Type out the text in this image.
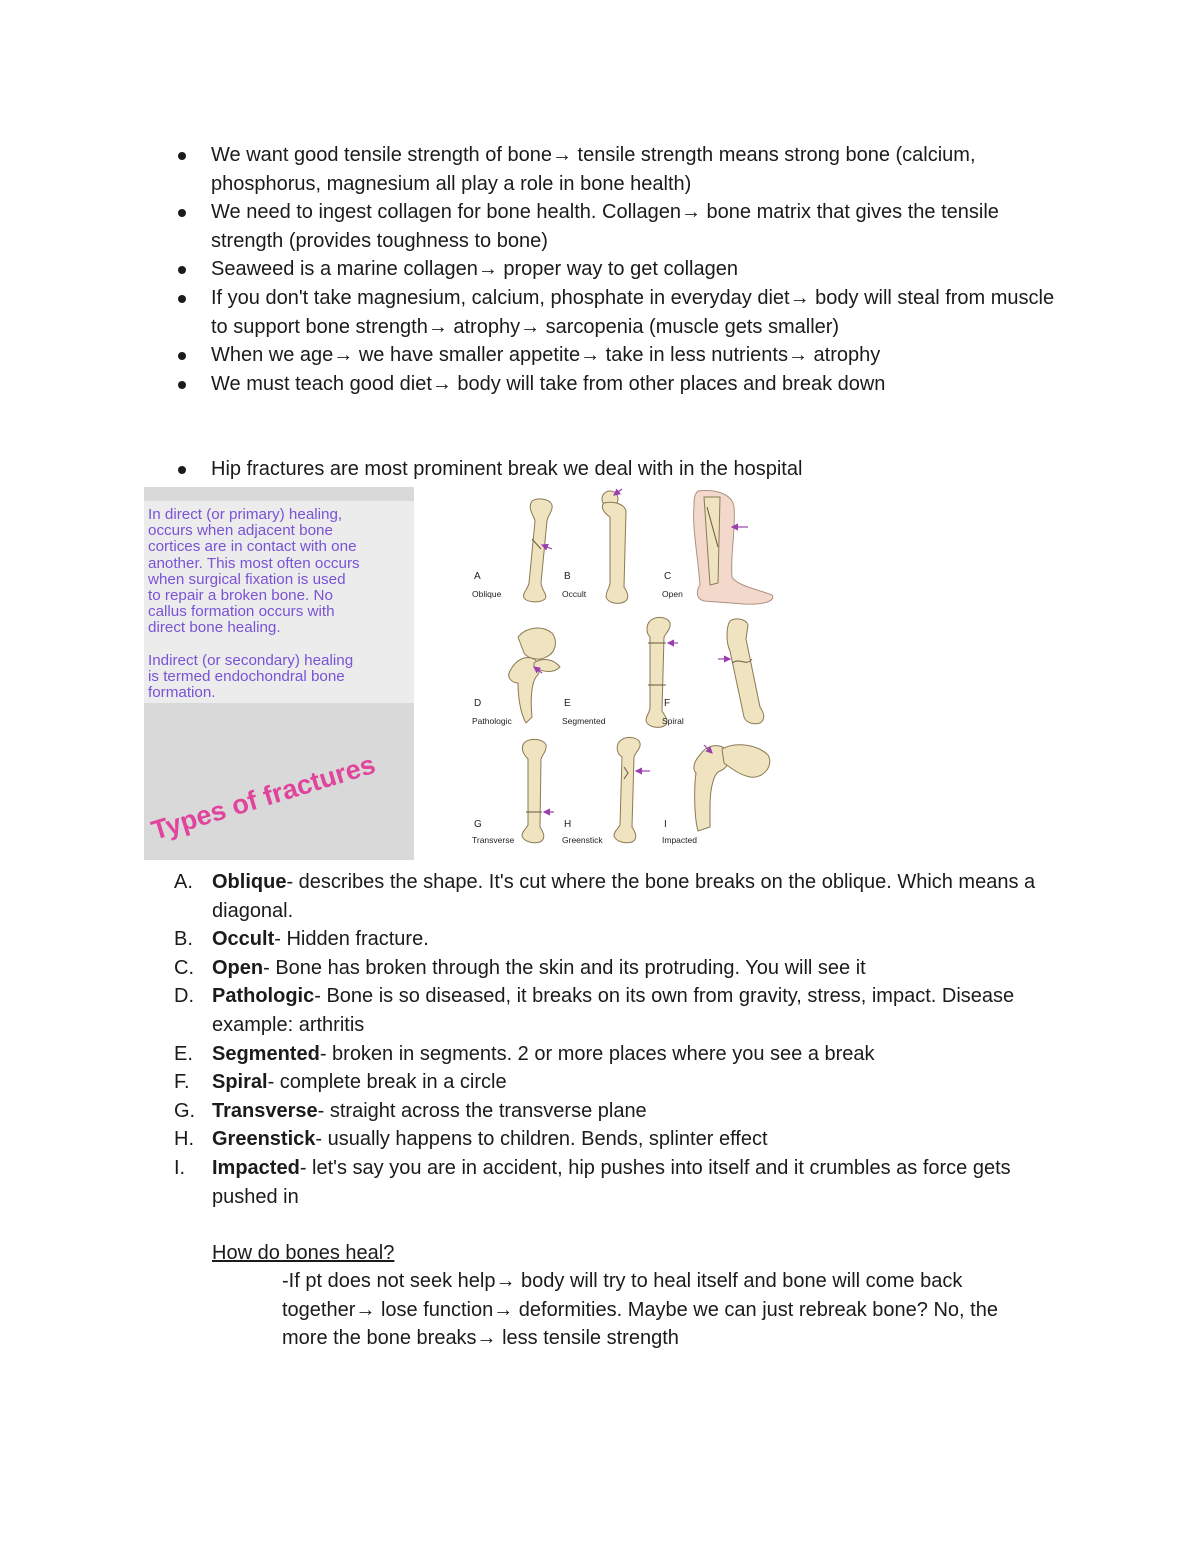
We want good tensile strength of bone→ tensile strength means strong bone (calcium, phosphorus, magnesium all play a role in bone health)
We need to ingest collagen for bone health. Collagen→ bone matrix that gives the tensile strength (provides toughness to bone)
Seaweed is a marine collagen→ proper way to get collagen
If you don't take magnesium, calcium, phosphate in everyday diet→ body will steal from muscle to support bone strength→ atrophy→ sarcopenia (muscle gets smaller)
When we age→ we have smaller appetite→ take in less nutrients→ atrophy
We must teach good diet→ body will take from other places and break down
Hip fractures are most prominent break we deal with in the hospital
In direct (or primary) healing,
occurs when adjacent bone
cortices are in contact with one
another. This most often occurs
when surgical fixation is used
to repair a broken bone. No
callus formation occurs with
direct bone healing.
Indirect (or secondary) healing
is termed endochondral bone
formation.
Types of fractures
A
Oblique
B
Occult
C
Open
D
Pathologic
E
Segmented
F
Spiral
G
Transverse
H
Greenstick
I
Impacted
A. Oblique- describes the shape. It's cut where the bone breaks on the oblique. Which means a diagonal.
B. Occult- Hidden fracture.
C. Open- Bone has broken through the skin and its protruding. You will see it
D. Pathologic- Bone is so diseased, it breaks on its own from gravity, stress, impact. Disease example: arthritis
E. Segmented- broken in segments. 2 or more places where you see a break
F. Spiral- complete break in a circle
G. Transverse- straight across the transverse plane
H. Greenstick- usually happens to children. Bends, splinter effect
I. Impacted- let's say you are in accident, hip pushes into itself and it crumbles as force gets pushed in
How do bones heal?
-If pt does not seek help→ body will try to heal itself and bone will come back together→ lose function→ deformities. Maybe we can just rebreak bone? No, the more the bone breaks→ less tensile strength
